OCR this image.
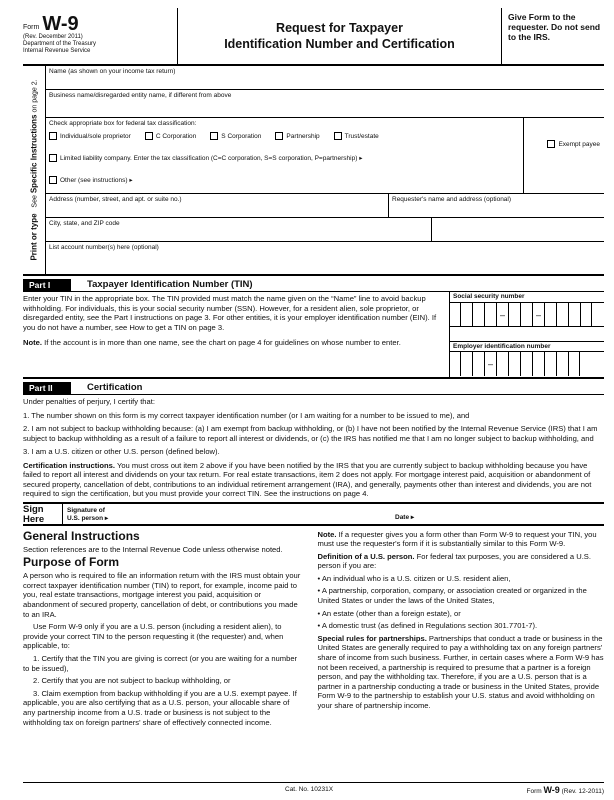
Form W-9
(Rev. December 2011)
Department of the Treasury
Internal Revenue Service
Request for Taxpayer
Identification Number and Certification
Give Form to the requester. Do not send to the IRS.
Print or type   See Specific Instructions on page 2.
Name (as shown on your income tax return)
Business name/disregarded entity name, if different from above
Check appropriate box for federal tax classification:
Individual/sole proprietor	C Corporation	S Corporation	Partnership	Trust/estate
Limited liability company. Enter the tax classification (C=C corporation, S=S corporation, P=partnership) ▸
Exempt payee
Other (see instructions) ▸
Address (number, street, and apt. or suite no.)	Requester's name and address (optional)
City, state, and ZIP code
List account number(s) here (optional)
Part I	Taxpayer Identification Number (TIN)
Enter your TIN in the appropriate box. The TIN provided must match the name given on the “Name” line to avoid backup withholding. For individuals, this is your social security number (SSN). However, for a resident alien, sole proprietor, or disregarded entity, see the Part I instructions on page 3. For other entities, it is your employer identification number (EIN). If you do not have a number, see How to get a TIN on page 3.
Note. If the account is in more than one name, see the chart on page 4 for guidelines on whose number to enter.
Social security number
–	–
Employer identification number
–
Part II	Certification

Under penalties of perjury, I certify that:

1. The number shown on this form is my correct taxpayer identification number (or I am waiting for a number to be issued to me), and

2. I am not subject to backup withholding because: (a) I am exempt from backup withholding, or (b) I have not been notified by the Internal Revenue Service (IRS) that I am subject to backup withholding as a result of a failure to report all interest or dividends, or (c) the IRS has notified me that I am no longer subject to backup withholding, and

3. I am a U.S. citizen or other U.S. person (defined below).

Certification instructions. You must cross out item 2 above if you have been notified by the IRS that you are currently subject to backup withholding because you have failed to report all interest and dividends on your tax return. For real estate transactions, item 2 does not apply. For mortgage interest paid, acquisition or abandonment of secured property, cancellation of debt, contributions to an individual retirement arrangement (IRA), and generally, payments other than interest and dividends, you are not required to sign the certification, but you must provide your correct TIN. See the instructions on page 4.

Sign
Here
Signature of
U.S. person ▸	Date ▸
General Instructions

Section references are to the Internal Revenue Code unless otherwise noted.

Purpose of Form

A person who is required to file an information return with the IRS must obtain your correct taxpayer identification number (TIN) to report, for example, income paid to you, real estate transactions, mortgage interest you paid, acquisition or abandonment of secured property, cancellation of debt, or contributions you made to an IRA.

Use Form W-9 only if you are a U.S. person (including a resident alien), to provide your correct TIN to the person requesting it (the requester) and, when applicable, to:

1. Certify that the TIN you are giving is correct (or you are waiting for a number to be issued),

2. Certify that you are not subject to backup withholding, or

3. Claim exemption from backup withholding if you are a U.S. exempt payee. If applicable, you are also certifying that as a U.S. person, your allocable share of any partnership income from a U.S. trade or business is not subject to the withholding tax on foreign partners' share of effectively connected income.

Note. If a requester gives you a form other than Form W-9 to request your TIN, you must use the requester's form if it is substantially similar to this Form W-9.

Definition of a U.S. person. For federal tax purposes, you are considered a U.S. person if you are:

• An individual who is a U.S. citizen or U.S. resident alien,

• A partnership, corporation, company, or association created or organized in the United States or under the laws of the United States,

• An estate (other than a foreign estate), or

• A domestic trust (as defined in Regulations section 301.7701-7).

Special rules for partnerships. Partnerships that conduct a trade or business in the United States are generally required to pay a withholding tax on any foreign partners' share of income from such business. Further, in certain cases where a Form W-9 has not been received, a partnership is required to presume that a partner is a foreign person, and pay the withholding tax. Therefore, if you are a U.S. person that is a partner in a partnership conducting a trade or business in the United States, provide Form W-9 to the partnership to establish your U.S. status and avoid withholding on your share of partnership income.

Cat. No. 10231X	Form W-9 (Rev. 12-2011)
